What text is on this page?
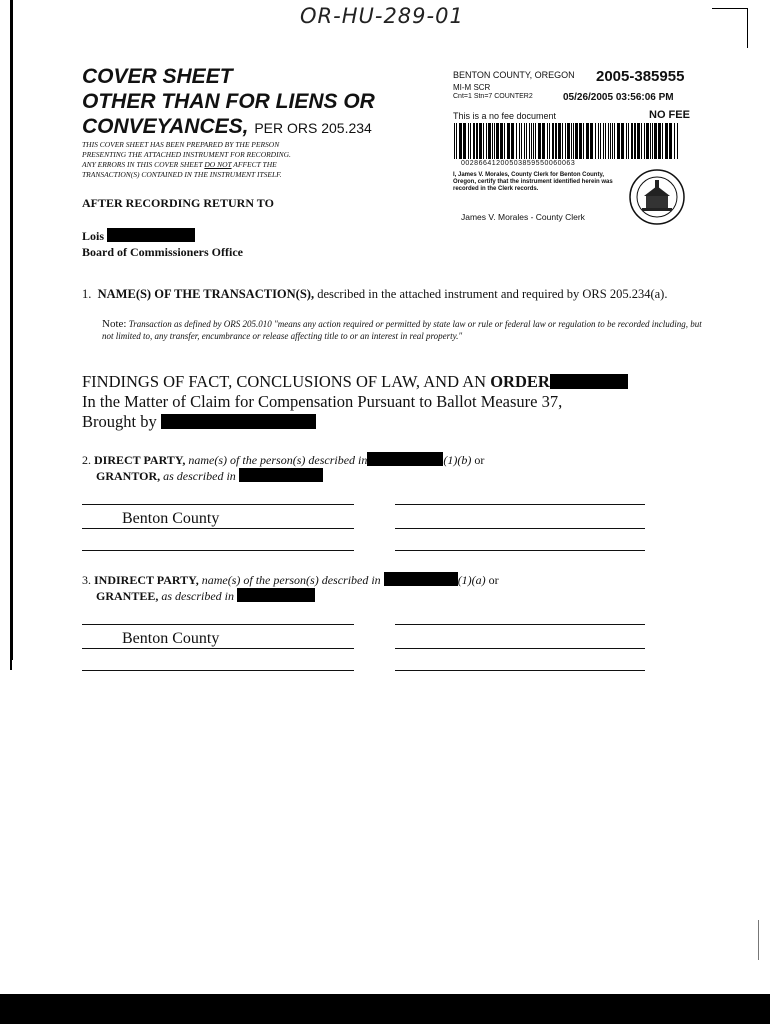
OR-HU-289-01
COVER SHEET
OTHER THAN FOR LIENS OR
CONVEYANCES, PER ORS 205.234
THIS COVER SHEET HAS BEEN PREPARED BY THE PERSON
PRESENTING THE ATTACHED INSTRUMENT FOR RECORDING.
ANY ERRORS IN THIS COVER SHEET DO NOT AFFECT THE
TRANSACTION(S) CONTAINED IN THE INSTRUMENT ITSELF.
AFTER RECORDING RETURN TO
Lois
Board of Commissioners Office
BENTON COUNTY, OREGON 2005-385955
MI-M SCR
Cnt=1 Stn=7 COUNTER2	05/26/2005 03:56:06 PM
This is a no fee document	NO FEE
00286641200503859550060063
I, James V. Morales, County Clerk for Benton County, Oregon, certify that the instrument identified herein was recorded in the Clerk records.
James V. Morales - County Clerk
1. NAME(S) OF THE TRANSACTION(S), described in the attached instrument and required by ORS 205.234(a).
Note: Transaction as defined by ORS 205.010 "means any action required or permitted by state law or rule or federal law or regulation to be recorded including, but not limited to, any transfer, encumbrance or release affecting title to or an interest in real property."
FINDINGS OF FACT, CONCLUSIONS OF LAW, AND AN ORDER
In the Matter of Claim for Compensation Pursuant to Ballot Measure 37,
Brought by
2. DIRECT PARTY, name(s) of the person(s) described in	(1)(b) or
GRANTOR, as described in
Benton County
3. INDIRECT PARTY, name(s) of the person(s) described in	(1)(a) or
GRANTEE, as described in
Benton County
